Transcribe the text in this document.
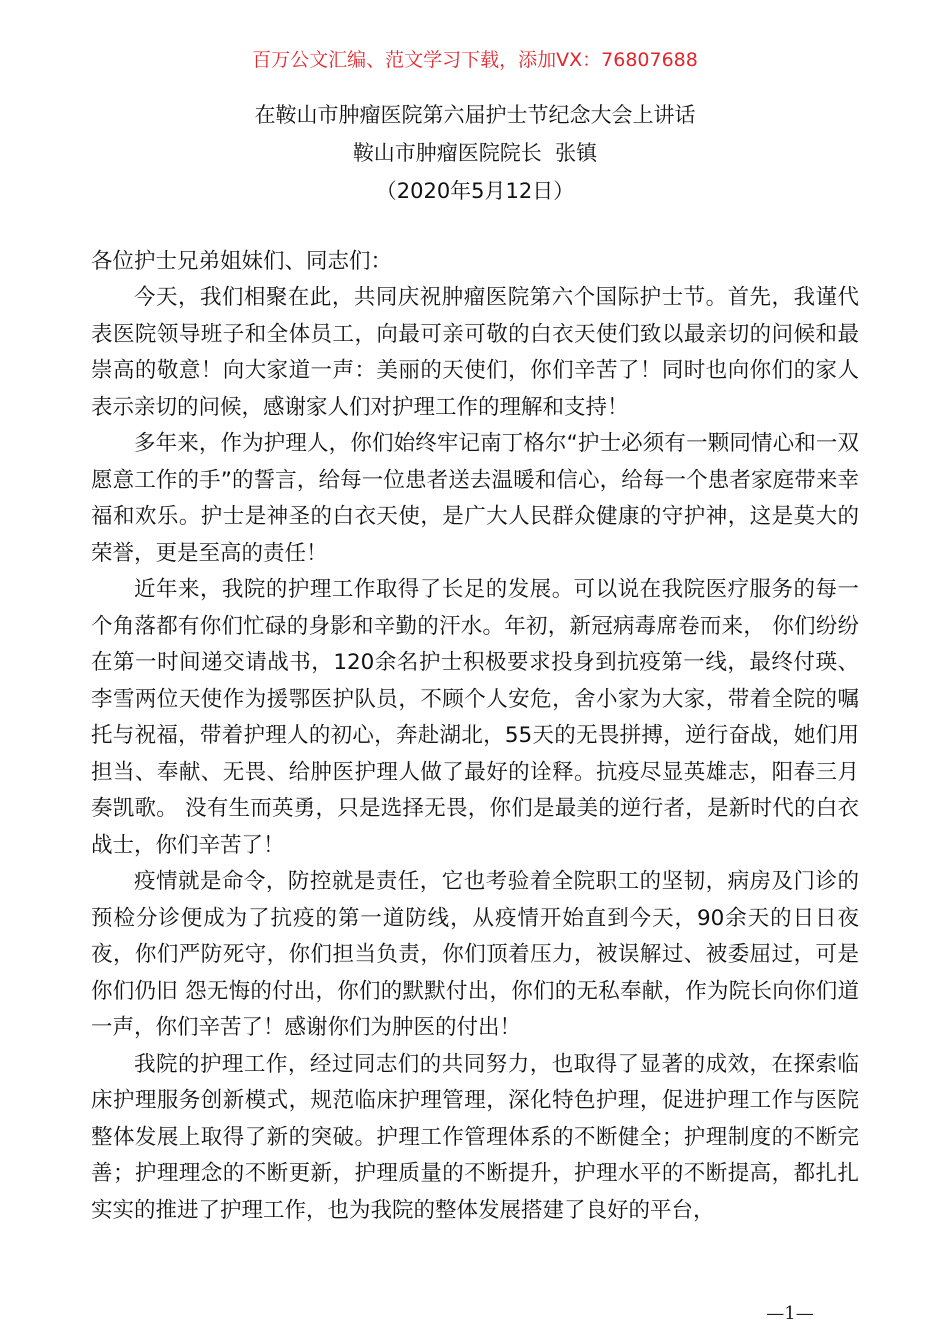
百万公文汇编、范文学习下载，添加VX：76807688
在鞍山市肿瘤医院第六届护士节纪念大会上讲话
鞍山市肿瘤医院院长  张镇
（2020年5月12日）
各位护士兄弟姐妹们、同志们：

今天，我们相聚在此，共同庆祝肿瘤医院第六个国际护士节。首先，我谨代表医院领导班子和全体员工，向最可亲可敬的白衣天使们致以最亲切的问候和最崇高的敬意！向大家道一声：美丽的天使们，你们辛苦了！同时也向你们的家人表示亲切的问候，感谢家人们对护理工作的理解和支持！

多年来，作为护理人，你们始终牢记南丁格尔“护士必须有一颗同情心和一双愿意工作的手”的誓言，给每一位患者送去温暖和信心，给每一个患者家庭带来幸福和欢乐。护士是神圣的白衣天使，是广大人民群众健康的守护神，这是莫大的荣誉，更是至高的责任！

近年来，我院的护理工作取得了长足的发展。可以说在我院医疗服务的每一个角落都有你们忙碌的身影和辛勤的汗水。年初，新冠病毒席卷而来， 你们纷纷在第一时间递交请战书，120余名护士积极要求投身到抗疫第一线，最终付瑛、李雪两位天使作为援鄂医护队员，不顾个人安危，舍小家为大家，带着全院的嘱托与祝福，带着护理人的初心，奔赴湖北，55天的无畏拼搏，逆行奋战，她们用担当、奉献、无畏、给肿医护理人做了最好的诠释。抗疫尽显英雄志，阳春三月奏凯歌。 没有生而英勇，只是选择无畏，你们是最美的逆行者，是新时代的白衣战士，你们辛苦了！

疫情就是命令，防控就是责任，它也考验着全院职工的坚韧，病房及门诊的预检分诊便成为了抗疫的第一道防线，从疫情开始直到今天，90余天的日日夜夜，你们严防死守，你们担当负责，你们顶着压力，被误解过、被委屈过，可是你们仍旧 怨无悔的付出，你们的默默付出，你们的无私奉献，作为院长向你们道一声，你们辛苦了！感谢你们为肿医的付出！

我院的护理工作，经过同志们的共同努力，也取得了显著的成效，在探索临床护理服务创新模式，规范临床护理管理，深化特色护理，促进护理工作与医院整体发展上取得了新的突破。护理工作管理体系的不断健全；护理制度的不断完善；护理理念的不断更新，护理质量的不断提升，护理水平的不断提高，都扎扎实实的推进了护理工作，也为我院的整体发展搭建了良好的平台，

—1—
